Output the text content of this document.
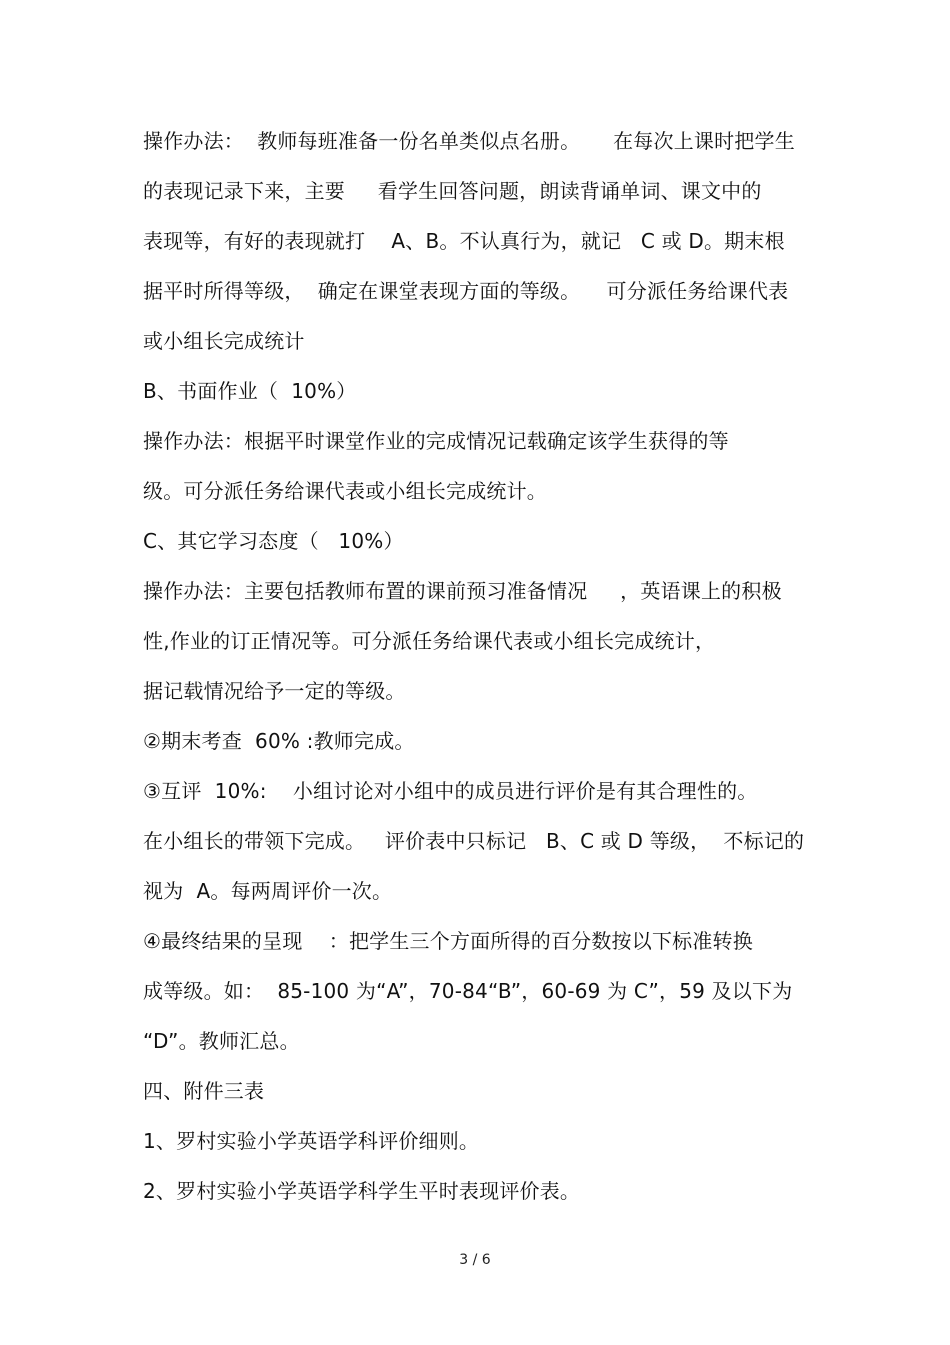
操作办法：  教师每班准备一份名单类似点名册。     在每次上课时把学生
的表现记录下来，主要     看学生回答问题，朗读背诵单词、课文中的
表现等，有好的表现就打    A、B。不认真行为，就记   C 或 D。期末根
据平时所得等级，  确定在课堂表现方面的等级。    可分派任务给课代表
或小组长完成统计
B、书面作业（  10%）
操作办法：根据平时课堂作业的完成情况记载确定该学生获得的等
级。可分派任务给课代表或小组长完成统计。
C、其它学习态度（   10%）
操作办法：主要包括教师布置的课前预习准备情况     ，英语课上的积极
性,作业的订正情况等。可分派任务给课代表或小组长完成统计，
据记载情况给予一定的等级。
②期末考查  60% :教师完成。
③互评  10%:    小组讨论对小组中的成员进行评价是有其合理性的。
在小组长的带领下完成。   评价表中只标记   B、C 或 D 等级，  不标记的
视为  A。每两周评价一次。
④最终结果的呈现    ：把学生三个方面所得的百分数按以下标准转换
成等级。如：  85-100 为“A”，70-84“B”，60-69 为 C”，59 及以下为
“D”。教师汇总。
四、附件三表
1、罗村实验小学英语学科评价细则。
2、罗村实验小学英语学科学生平时表现评价表。
3 / 6
